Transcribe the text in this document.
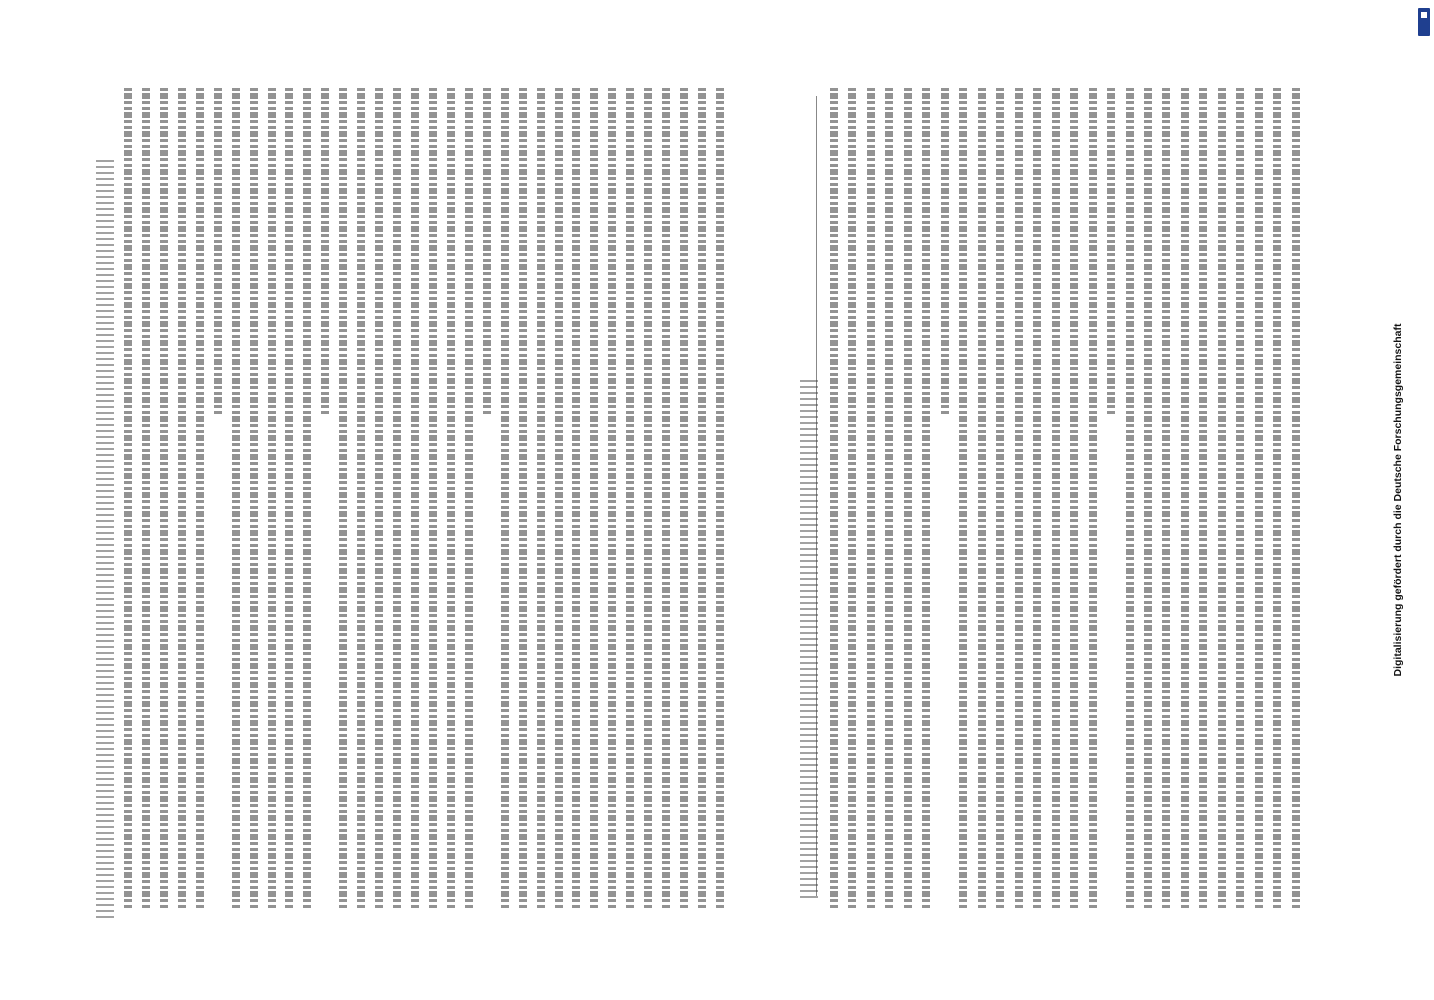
Digitalisierung gefördert durch die Deutsche Forschungsgemeinschaft
